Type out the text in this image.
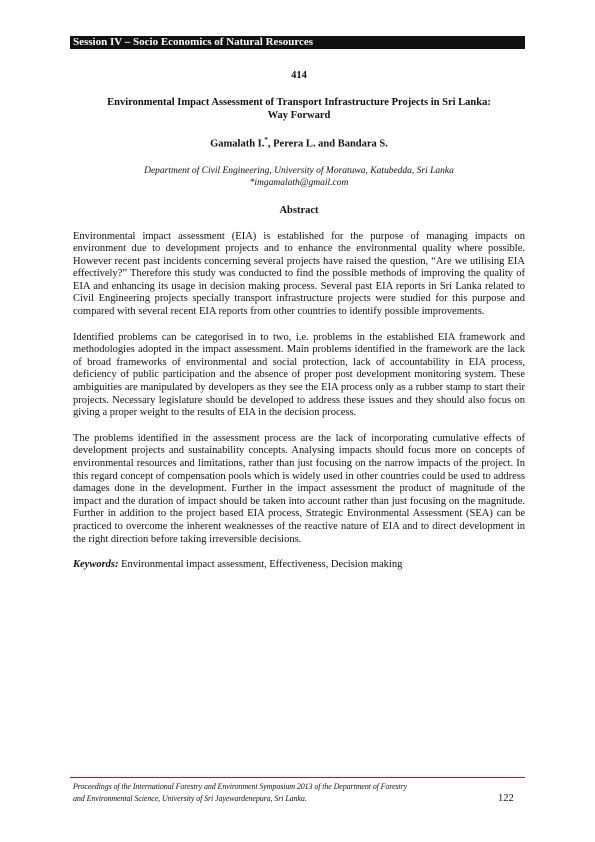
Session IV – Socio Economics of Natural Resources

414

Environmental Impact Assessment of Transport Infrastructure Projects in Sri Lanka:
Way Forward

Gamalath I.*, Perera L. and Bandara S.

Department of Civil Engineering, University of Moratuwa, Katubedda, Sri Lanka
*imgamalath@gmail.com

Abstract

Environmental impact assessment (EIA) is established for the purpose of managing impacts on environment due to development projects and to enhance the environmental quality where possible. However recent past incidents concerning several projects have raised the question, “Are we utilising EIA effectively?” Therefore this study was conducted to find the possible methods of improving the quality of EIA and enhancing its usage in decision making process. Several past EIA reports in Sri Lanka related to Civil Engineering projects specially transport infrastructure projects were studied for this purpose and compared with several recent EIA reports from other countries to identify possible improvements.

Identified problems can be categorised in to two, i.e. problems in the established EIA framework and methodologies adopted in the impact assessment. Main problems identified in the framework are the lack of broad frameworks of environmental and social protection, lack of accountability in EIA process, deficiency of public participation and the absence of proper post development monitoring system. These ambiguities are manipulated by developers as they see the EIA process only as a rubber stamp to start their projects. Necessary legislature should be developed to address these issues and they should also focus on giving a proper weight to the results of EIA in the decision process.

The problems identified in the assessment process are the lack of incorporating cumulative effects of development projects and sustainability concepts. Analysing impacts should focus more on concepts of environmental resources and limitations, rather than just focusing on the narrow impacts of the project. In this regard concept of compensation pools which is widely used in other countries could be used to address damages done in the development. Further in the impact assessment the product of magnitude of the impact and the duration of impact should be taken into account rather than just focusing on the magnitude. Further in addition to the project based EIA process, Strategic Environmental Assessment (SEA) can be practiced to overcome the inherent weaknesses of the reactive nature of EIA and to direct development in the right direction before taking irreversible decisions.

Keywords: Environmental impact assessment, Effectiveness, Decision making

Proceedings of the International Forestry and Environment Symposium 2013 of the Department of Forestry
and Environmental Science, University of Sri Jayewardenepura, Sri Lanka.	122
